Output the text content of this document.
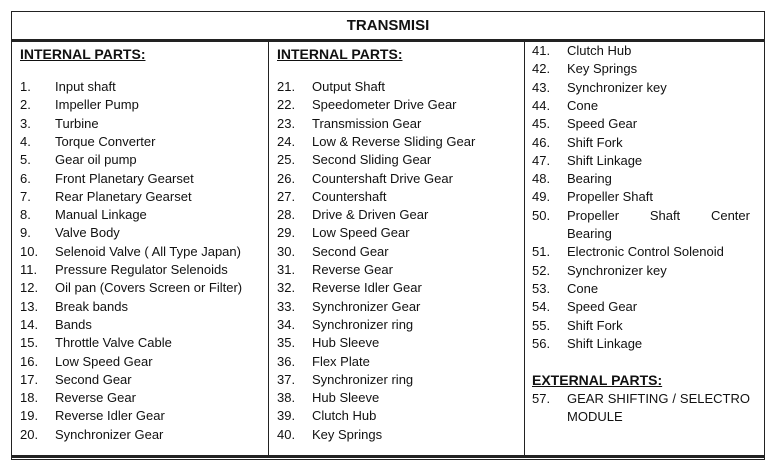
TRANSMISI
INTERNAL PARTS:
1. Input shaft
2. Impeller Pump
3. Turbine
4. Torque Converter
5. Gear oil pump
6. Front Planetary Gearset
7. Rear Planetary Gearset
8. Manual Linkage
9. Valve Body
10. Selenoid Valve ( All Type Japan)
11. Pressure Regulator Selenoids
12. Oil pan (Covers Screen or Filter)
13. Break bands
14. Bands
15. Throttle Valve Cable
16. Low Speed Gear
17. Second Gear
18. Reverse Gear
19. Reverse Idler Gear
20. Synchronizer Gear
INTERNAL PARTS:
21. Output Shaft
22. Speedometer Drive Gear
23. Transmission Gear
24. Low & Reverse Sliding Gear
25. Second Sliding Gear
26. Countershaft Drive Gear
27. Countershaft
28. Drive & Driven Gear
29. Low Speed Gear
30. Second Gear
31. Reverse Gear
32. Reverse Idler Gear
33. Synchronizer Gear
34. Synchronizer ring
35. Hub Sleeve
36. Flex Plate
37. Synchronizer ring
38. Hub Sleeve
39. Clutch Hub
40. Key Springs
41. Clutch Hub
42. Key Springs
43. Synchronizer key
44. Cone
45. Speed Gear
46. Shift Fork
47. Shift Linkage
48. Bearing
49. Propeller Shaft
50. Propeller Shaft Center
Bearing
51. Electronic Control Solenoid
52. Synchronizer key
53. Cone
54. Speed Gear
55. Shift Fork
56. Shift Linkage
EXTERNAL PARTS:
57. GEAR SHIFTING / SELECTRO
MODULE
